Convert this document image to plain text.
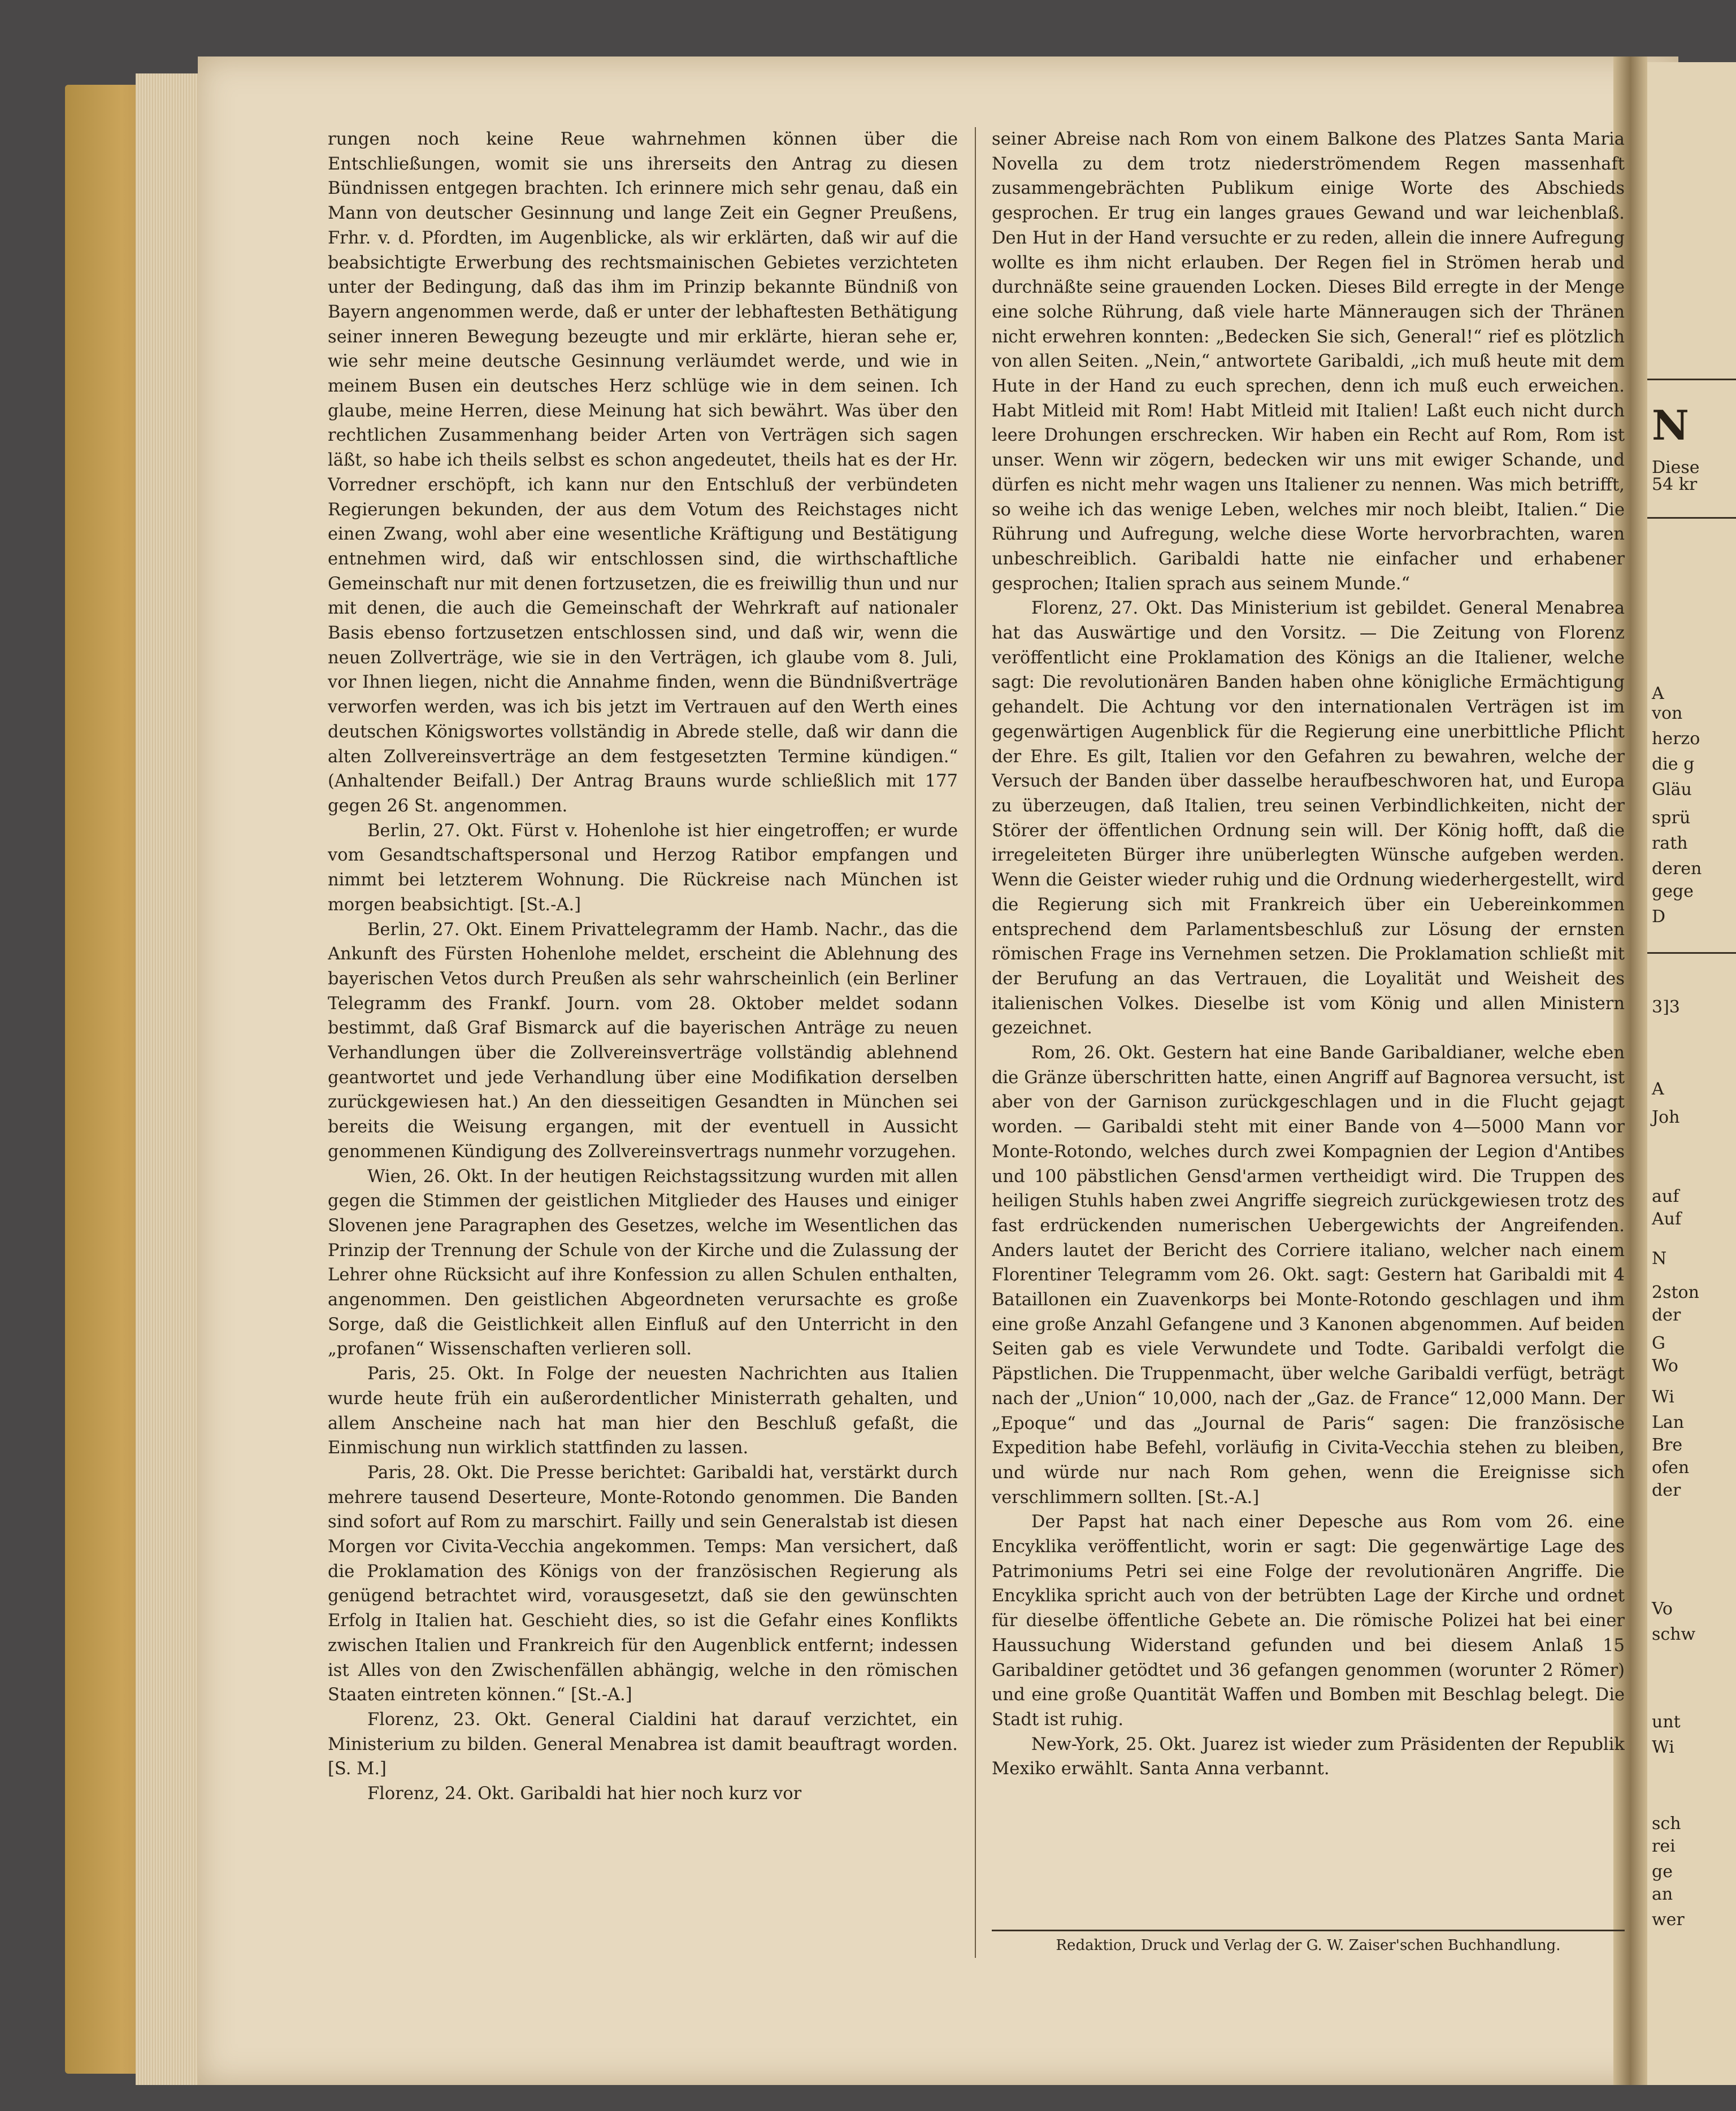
N
Diese
54 kr
A
von
herzo
die g
Gläu
sprü
rath
deren
gege
D
3]3
A
Joh
auf
Auf
N
2ston
der
G
Wo
Wi
Lan
Bre
ofen
der
Vo
schw
unt
Wi
sch
rei
ge
an
wer

rungen noch keine Reue wahrnehmen können über die Entschließungen, womit sie uns ihrerseits den Antrag zu diesen Bündnissen entgegen brachten. Ich erinnere mich sehr genau, daß ein Mann von deutscher Gesinnung und lange Zeit ein Gegner Preußens, Frhr. v. d. Pfordten, im Augenblicke, als wir erklärten, daß wir auf die beabsichtigte Erwerbung des rechtsmainischen Gebietes verzichteten unter der Bedingung, daß das ihm im Prinzip bekannte Bündniß von Bayern angenommen werde, daß er unter der lebhaftesten Bethätigung seiner inneren Bewegung bezeugte und mir erklärte, hieran sehe er, wie sehr meine deutsche Gesinnung verläumdet werde, und wie in meinem Busen ein deutsches Herz schlüge wie in dem seinen. Ich glaube, meine Herren, diese Meinung hat sich bewährt. Was über den rechtlichen Zusammenhang beider Arten von Verträgen sich sagen läßt, so habe ich theils selbst es schon angedeutet, theils hat es der Hr. Vorredner erschöpft, ich kann nur den Entschluß der verbündeten Regierungen bekunden, der aus dem Votum des Reichstages nicht einen Zwang, wohl aber eine wesentliche Kräftigung und Bestätigung entnehmen wird, daß wir entschlossen sind, die wirthschaftliche Gemeinschaft nur mit denen fortzusetzen, die es freiwillig thun und nur mit denen, die auch die Gemeinschaft der Wehrkraft auf nationaler Basis ebenso fortzusetzen entschlossen sind, und daß wir, wenn die neuen Zollverträge, wie sie in den Verträgen, ich glaube vom 8. Juli, vor Ihnen liegen, nicht die Annahme finden, wenn die Bündnißverträge verworfen werden, was ich bis jetzt im Vertrauen auf den Werth eines deutschen Königswortes vollständig in Abrede stelle, daß wir dann die alten Zollvereinsverträge an dem festgesetzten Termine kündigen.“ (Anhaltender Beifall.) Der Antrag Brauns wurde schließlich mit 177 gegen 26 St. angenommen.

Berlin, 27. Okt. Fürst v. Hohenlohe ist hier eingetroffen; er wurde vom Gesandtschaftspersonal und Herzog Ratibor empfangen und nimmt bei letzterem Wohnung. Die Rückreise nach München ist morgen beabsichtigt. [St.-A.]

Berlin, 27. Okt. Einem Privattelegramm der Hamb. Nachr., das die Ankunft des Fürsten Hohenlohe meldet, erscheint die Ablehnung des bayerischen Vetos durch Preußen als sehr wahrscheinlich (ein Berliner Telegramm des Frankf. Journ. vom 28. Oktober meldet sodann bestimmt, daß Graf Bismarck auf die bayerischen Anträge zu neuen Verhandlungen über die Zollvereinsverträge vollständig ablehnend geantwortet und jede Verhandlung über eine Modifikation derselben zurückgewiesen hat.) An den diesseitigen Gesandten in München sei bereits die Weisung ergangen, mit der eventuell in Aussicht genommenen Kündigung des Zollvereinsvertrags nunmehr vorzugehen.

Wien, 26. Okt. In der heutigen Reichstagssitzung wurden mit allen gegen die Stimmen der geistlichen Mitglieder des Hauses und einiger Slovenen jene Paragraphen des Gesetzes, welche im Wesentlichen das Prinzip der Trennung der Schule von der Kirche und die Zulassung der Lehrer ohne Rücksicht auf ihre Konfession zu allen Schulen enthalten, angenommen. Den geistlichen Abgeordneten verursachte es große Sorge, daß die Geistlichkeit allen Einfluß auf den Unterricht in den „profanen“ Wissenschaften verlieren soll.

Paris, 25. Okt. In Folge der neuesten Nachrichten aus Italien wurde heute früh ein außerordentlicher Ministerrath gehalten, und allem Anscheine nach hat man hier den Beschluß gefaßt, die Einmischung nun wirklich stattfinden zu lassen.

Paris, 28. Okt. Die Presse berichtet: Garibaldi hat, verstärkt durch mehrere tausend Deserteure, Monte-Rotondo genommen. Die Banden sind sofort auf Rom zu marschirt. Failly und sein Generalstab ist diesen Morgen vor Civita-Vecchia angekommen. Temps: Man versichert, daß die Proklamation des Königs von der französischen Regierung als genügend betrachtet wird, vorausgesetzt, daß sie den gewünschten Erfolg in Italien hat. Geschieht dies, so ist die Gefahr eines Konflikts zwischen Italien und Frankreich für den Augenblick entfernt; indessen ist Alles von den Zwischenfällen abhängig, welche in den römischen Staaten eintreten können.“ [St.-A.]

Florenz, 23. Okt. General Cialdini hat darauf verzichtet, ein Ministerium zu bilden. General Menabrea ist damit beauftragt worden. [S. M.]

Florenz, 24. Okt. Garibaldi hat hier noch kurz vor

seiner Abreise nach Rom von einem Balkone des Platzes Santa Maria Novella zu dem trotz niederströmendem Regen massenhaft zusammengebrächten Publikum einige Worte des Abschieds gesprochen. Er trug ein langes graues Gewand und war leichenblaß. Den Hut in der Hand versuchte er zu reden, allein die innere Aufregung wollte es ihm nicht erlauben. Der Regen fiel in Strömen herab und durchnäßte seine grauenden Locken. Dieses Bild erregte in der Menge eine solche Rührung, daß viele harte Männeraugen sich der Thränen nicht erwehren konnten: „Bedecken Sie sich, General!“ rief es plötzlich von allen Seiten. „Nein,“ antwortete Garibaldi, „ich muß heute mit dem Hute in der Hand zu euch sprechen, denn ich muß euch erweichen. Habt Mitleid mit Rom! Habt Mitleid mit Italien! Laßt euch nicht durch leere Drohungen erschrecken. Wir haben ein Recht auf Rom, Rom ist unser. Wenn wir zögern, bedecken wir uns mit ewiger Schande, und dürfen es nicht mehr wagen uns Italiener zu nennen. Was mich betrifft, so weihe ich das wenige Leben, welches mir noch bleibt, Italien.“ Die Rührung und Aufregung, welche diese Worte hervorbrachten, waren unbeschreiblich. Garibaldi hatte nie einfacher und erhabener gesprochen; Italien sprach aus seinem Munde.“

Florenz, 27. Okt. Das Ministerium ist gebildet. General Menabrea hat das Auswärtige und den Vorsitz. — Die Zeitung von Florenz veröffentlicht eine Proklamation des Königs an die Italiener, welche sagt: Die revolutionären Banden haben ohne königliche Ermächtigung gehandelt. Die Achtung vor den internationalen Verträgen ist im gegenwärtigen Augenblick für die Regierung eine unerbittliche Pflicht der Ehre. Es gilt, Italien vor den Gefahren zu bewahren, welche der Versuch der Banden über dasselbe heraufbeschworen hat, und Europa zu überzeugen, daß Italien, treu seinen Verbindlichkeiten, nicht der Störer der öffentlichen Ordnung sein will. Der König hofft, daß die irregeleiteten Bürger ihre unüberlegten Wünsche aufgeben werden. Wenn die Geister wieder ruhig und die Ordnung wiederhergestellt, wird die Regierung sich mit Frankreich über ein Uebereinkommen entsprechend dem Parlamentsbeschluß zur Lösung der ernsten römischen Frage ins Vernehmen setzen. Die Proklamation schließt mit der Berufung an das Vertrauen, die Loyalität und Weisheit des italienischen Volkes. Dieselbe ist vom König und allen Ministern gezeichnet.

Rom, 26. Okt. Gestern hat eine Bande Garibaldianer, welche eben die Gränze überschritten hatte, einen Angriff auf Bagnorea versucht, ist aber von der Garnison zurückgeschlagen und in die Flucht gejagt worden. — Garibaldi steht mit einer Bande von 4—5000 Mann vor Monte-Rotondo, welches durch zwei Kompagnien der Legion d'Antibes und 100 päbstlichen Gensd'armen vertheidigt wird. Die Truppen des heiligen Stuhls haben zwei Angriffe siegreich zurückgewiesen trotz des fast erdrückenden numerischen Uebergewichts der Angreifenden. Anders lautet der Bericht des Corriere italiano, welcher nach einem Florentiner Telegramm vom 26. Okt. sagt: Gestern hat Garibaldi mit 4 Bataillonen ein Zuavenkorps bei Monte-Rotondo geschlagen und ihm eine große Anzahl Gefangene und 3 Kanonen abgenommen. Auf beiden Seiten gab es viele Verwundete und Todte. Garibaldi verfolgt die Päpstlichen. Die Truppenmacht, über welche Garibaldi verfügt, beträgt nach der „Union“ 10,000, nach der „Gaz. de France“ 12,000 Mann. Der „Epoque“ und das „Journal de Paris“ sagen: Die französische Expedition habe Befehl, vorläufig in Civita-Vecchia stehen zu bleiben, und würde nur nach Rom gehen, wenn die Ereignisse sich verschlimmern sollten. [St.-A.]

Der Papst hat nach einer Depesche aus Rom vom 26. eine Encyklika veröffentlicht, worin er sagt: Die gegenwärtige Lage des Patrimoniums Petri sei eine Folge der revolutionären Angriffe. Die Encyklika spricht auch von der betrübten Lage der Kirche und ordnet für dieselbe öffentliche Gebete an. Die römische Polizei hat bei einer Haussuchung Widerstand gefunden und bei diesem Anlaß 15 Garibaldiner getödtet und 36 gefangen genommen (worunter 2 Römer) und eine große Quantität Waffen und Bomben mit Beschlag belegt. Die Stadt ist ruhig.

New-York, 25. Okt. Juarez ist wieder zum Präsidenten der Republik Mexiko erwählt. Santa Anna verbannt.

Redaktion, Druck und Verlag der G. W. Zaiser'schen Buchhandlung.
